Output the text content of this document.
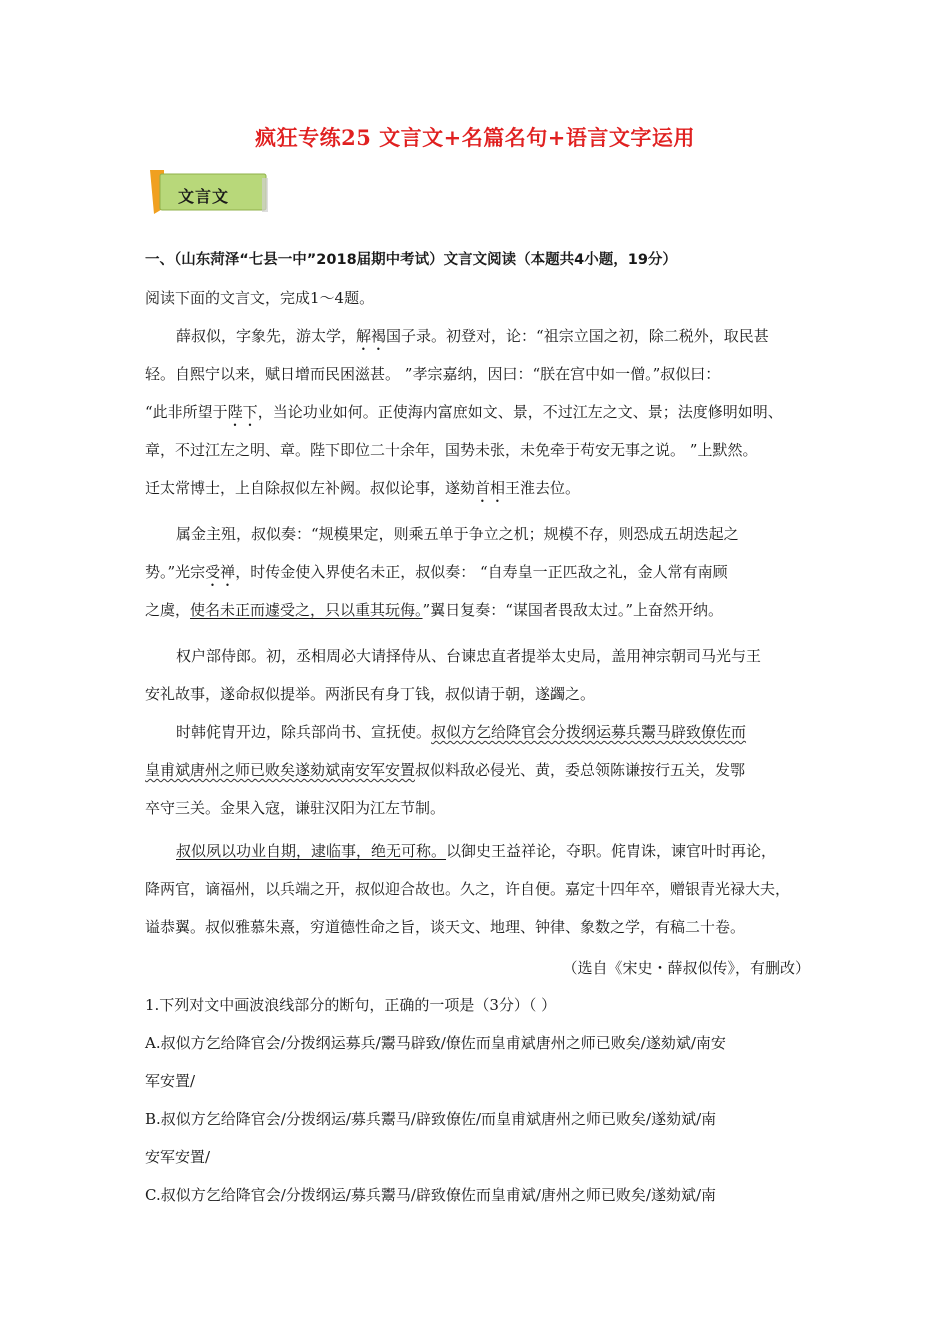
疯狂专练25 文言文+名篇名句+语言文字运用
文言文
一、（山东菏泽“七县一中”2018届期中考试）文言文阅读（本题共4小题，19分）
阅读下面的文言文，完成1～4题。
薛叔似，字象先，游太学，解褐国子录。初登对，论：“祖宗立国之初，除二税外，取民甚
轻。自熙宁以来，赋日增而民困滋甚。 ”孝宗嘉纳，因曰：“朕在宫中如一僧。”叔似曰：
“此非所望于陛下，当论功业如何。正使海内富庶如文、景，不过江左之文、景；法度修明如明、
章，不过江左之明、章。陛下即位二十余年，国势未张，未免牵于苟安无事之说。 ”上默然。
迁太常博士，上自除叔似左补阙。叔似论事，遂劾首相王淮去位。
属金主殂，叔似奏：“规模果定，则乘五单于争立之机；规模不存，则恐成五胡迭起之
势。”光宗受禅，时传金使入界使名未正，叔似奏： “自寿皇一正匹敌之礼，金人常有南顾
之虞，使名未正而遽受之，只以重其玩侮。”翼日复奏：“谋国者畏敌太过。”上奋然开纳。
权户部侍郎。初，丞相周必大请择侍从、台谏忠直者提举太史局，盖用神宗朝司马光与王
安礼故事，遂命叔似提举。两浙民有身丁钱，叔似请于朝，遂蠲之。
时韩侂胄开边，除兵部尚书、宣抚使。叔似方乞给降官会分拨纲运募兵鬻马辟致僚佐而
皇甫斌唐州之师已败矣遂劾斌南安军安置叔似料敌必侵光、黄，委总领陈谦按行五关，发鄂
卒守三关。金果入寇，谦驻汉阳为江左节制。
叔似夙以功业自期，逮临事，绝无可称。以御史王益祥论，夺职。侂胄诛，谏官叶时再论，
降两官，谪福州，以兵端之开，叔似迎合故也。久之，许自便。嘉定十四年卒，赠银青光禄大夫，
谥恭翼。叔似雅慕朱熹，穷道德性命之旨，谈天文、地理、钟律、象数之学，有稿二十卷。
（选自《宋史・薛叔似传》，有删改）
1.下列对文中画波浪线部分的断句，正确的一项是（3分）（ ）
A.叔似方乞给降官会/分拨纲运募兵/鬻马辟致/僚佐而皇甫斌唐州之师已败矣/遂劾斌/南安
军安置/
B.叔似方乞给降官会/分拨纲运/募兵鬻马/辟致僚佐/而皇甫斌唐州之师已败矣/遂劾斌/南
安军安置/
C.叔似方乞给降官会/分拨纲运/募兵鬻马/辟致僚佐而皇甫斌/唐州之师已败矣/遂劾斌/南
